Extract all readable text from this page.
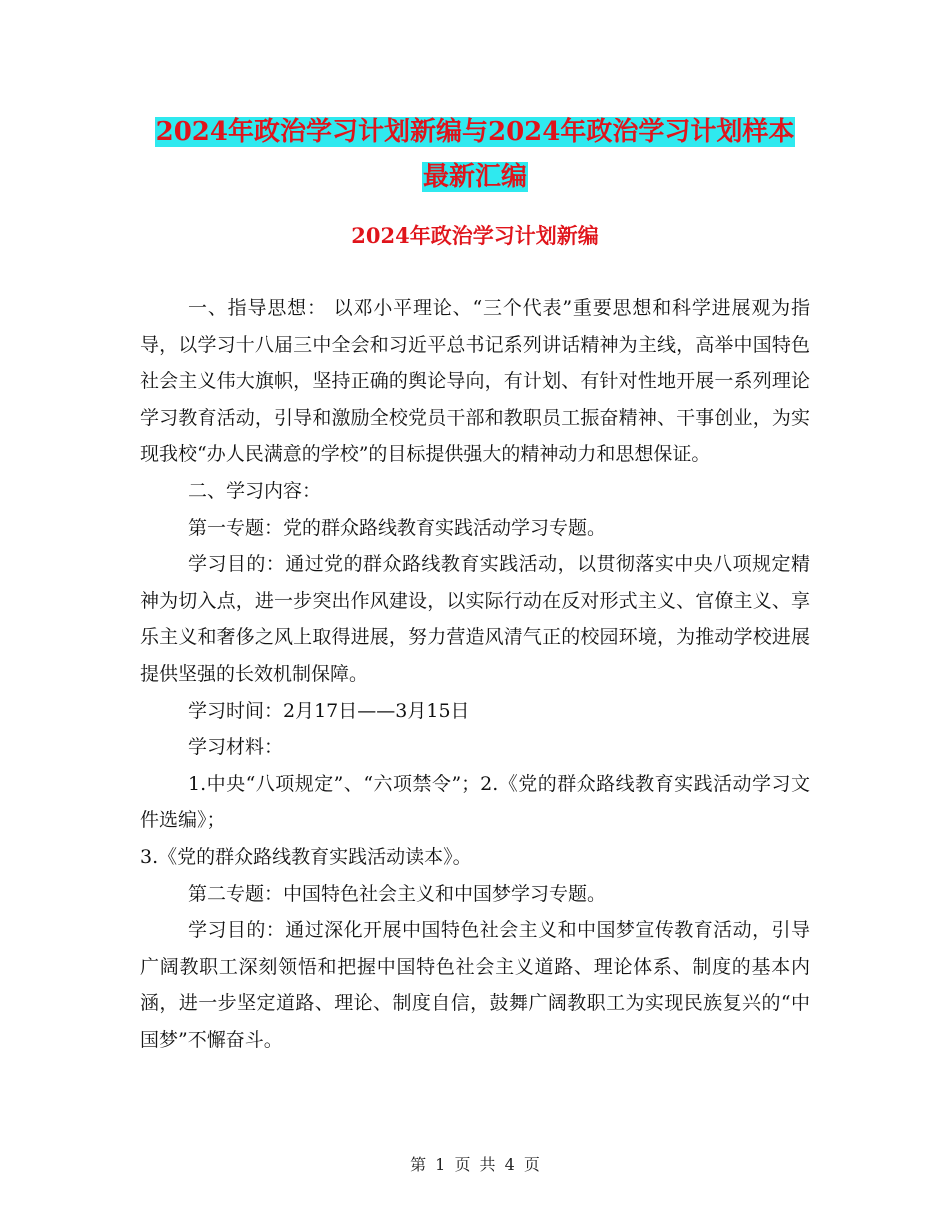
2024年政治学习计划新编与2024年政治学习计划样本
最新汇编
2024年政治学习计划新编

一、指导思想： 以邓小平理论、“三个代表”重要思想和科学进展观为指导，以学习十八届三中全会和习近平总书记系列讲话精神为主线，高举中国特色社会主义伟大旗帜，坚持正确的舆论导向，有计划、有针对性地开展一系列理论学习教育活动，引导和激励全校党员干部和教职员工振奋精神、干事创业，为实现我校“办人民满意的学校”的目标提供强大的精神动力和思想保证。

二、学习内容：

第一专题：党的群众路线教育实践活动学习专题。

学习目的：通过党的群众路线教育实践活动，以贯彻落实中央八项规定精神为切入点，进一步突出作风建设，以实际行动在反对形式主义、官僚主义、享乐主义和奢侈之风上取得进展，努力营造风清气正的校园环境，为推动学校进展提供坚强的长效机制保障。

学习时间：2月17日——3月15日

学习材料：

1.中央“八项规定”、“六项禁令”；2.《党的群众路线教育实践活动学习文件选编》；

3.《党的群众路线教育实践活动读本》。

第二专题：中国特色社会主义和中国梦学习专题。

学习目的：通过深化开展中国特色社会主义和中国梦宣传教育活动，引导广阔教职工深刻领悟和把握中国特色社会主义道路、理论体系、制度的基本内涵，进一步坚定道路、理论、制度自信，鼓舞广阔教职工为实现民族复兴的“中国梦”不懈奋斗。

第 1 页 共 4 页
